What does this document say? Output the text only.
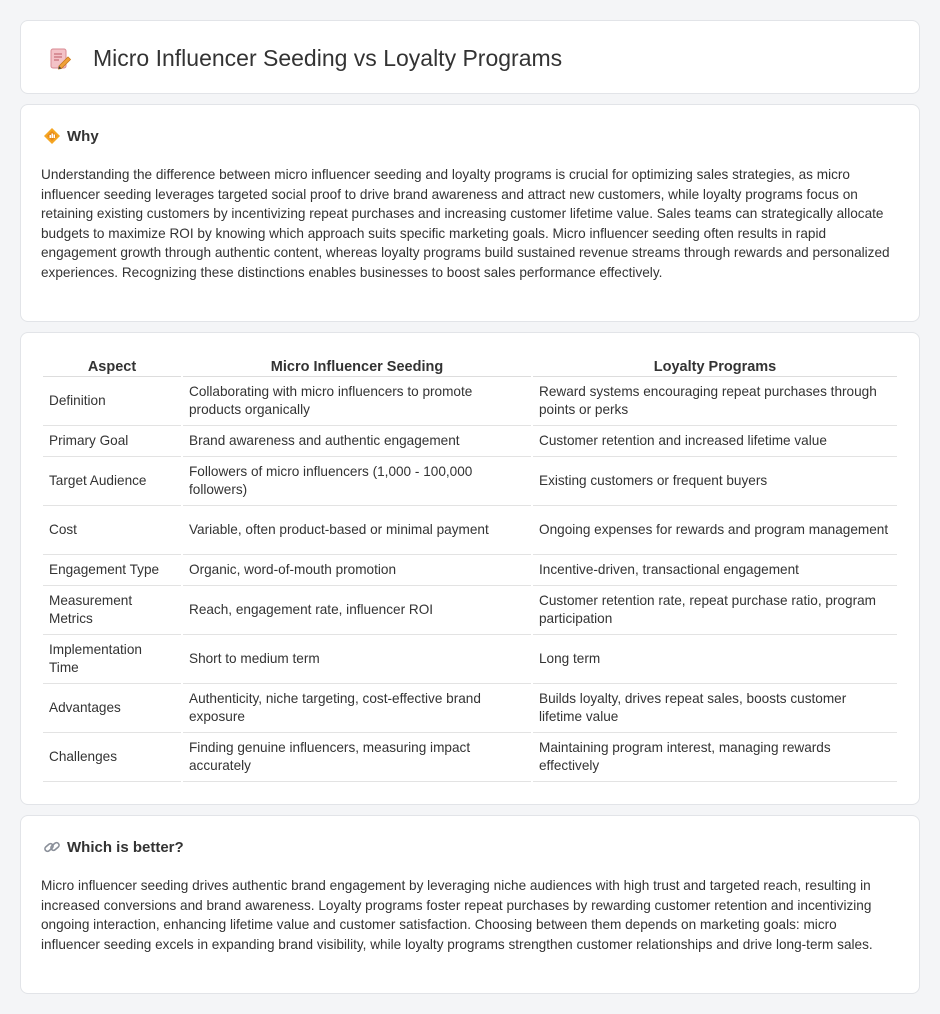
Micro Influencer Seeding vs Loyalty Programs
Why

Understanding the difference between micro influencer seeding and loyalty programs is crucial for optimizing sales strategies, as micro influencer seeding leverages targeted social proof to drive brand awareness and attract new customers, while loyalty programs focus on retaining existing customers by incentivizing repeat purchases and increasing customer lifetime value. Sales teams can strategically allocate budgets to maximize ROI by knowing which approach suits specific marketing goals. Micro influencer seeding often results in rapid engagement growth through authentic content, whereas loyalty programs build sustained revenue streams through rewards and personalized experiences. Recognizing these distinctions enables businesses to boost sales performance effectively.

Aspect	Micro Influencer Seeding	Loyalty Programs
Definition	Collaborating with micro influencers to promote products organically	Reward systems encouraging repeat purchases through points or perks
Primary Goal	Brand awareness and authentic engagement	Customer retention and increased lifetime value
Target Audience	Followers of micro influencers (1,000 - 100,000 followers)	Existing customers or frequent buyers
Cost	Variable, often product-based or minimal payment	Ongoing expenses for rewards and program management
Engagement Type	Organic, word-of-mouth promotion	Incentive-driven, transactional engagement
Measurement Metrics	Reach, engagement rate, influencer ROI	Customer retention rate, repeat purchase ratio, program participation
Implementation Time	Short to medium term	Long term
Advantages	Authenticity, niche targeting, cost-effective brand exposure	Builds loyalty, drives repeat sales, boosts customer lifetime value
Challenges	Finding genuine influencers, measuring impact accurately	Maintaining program interest, managing rewards effectively
Which is better?

Micro influencer seeding drives authentic brand engagement by leveraging niche audiences with high trust and targeted reach, resulting in increased conversions and brand awareness. Loyalty programs foster repeat purchases by rewarding customer retention and incentivizing ongoing interaction, enhancing lifetime value and customer satisfaction. Choosing between them depends on marketing goals: micro influencer seeding excels in expanding brand visibility, while loyalty programs strengthen customer relationships and drive long-term sales.
